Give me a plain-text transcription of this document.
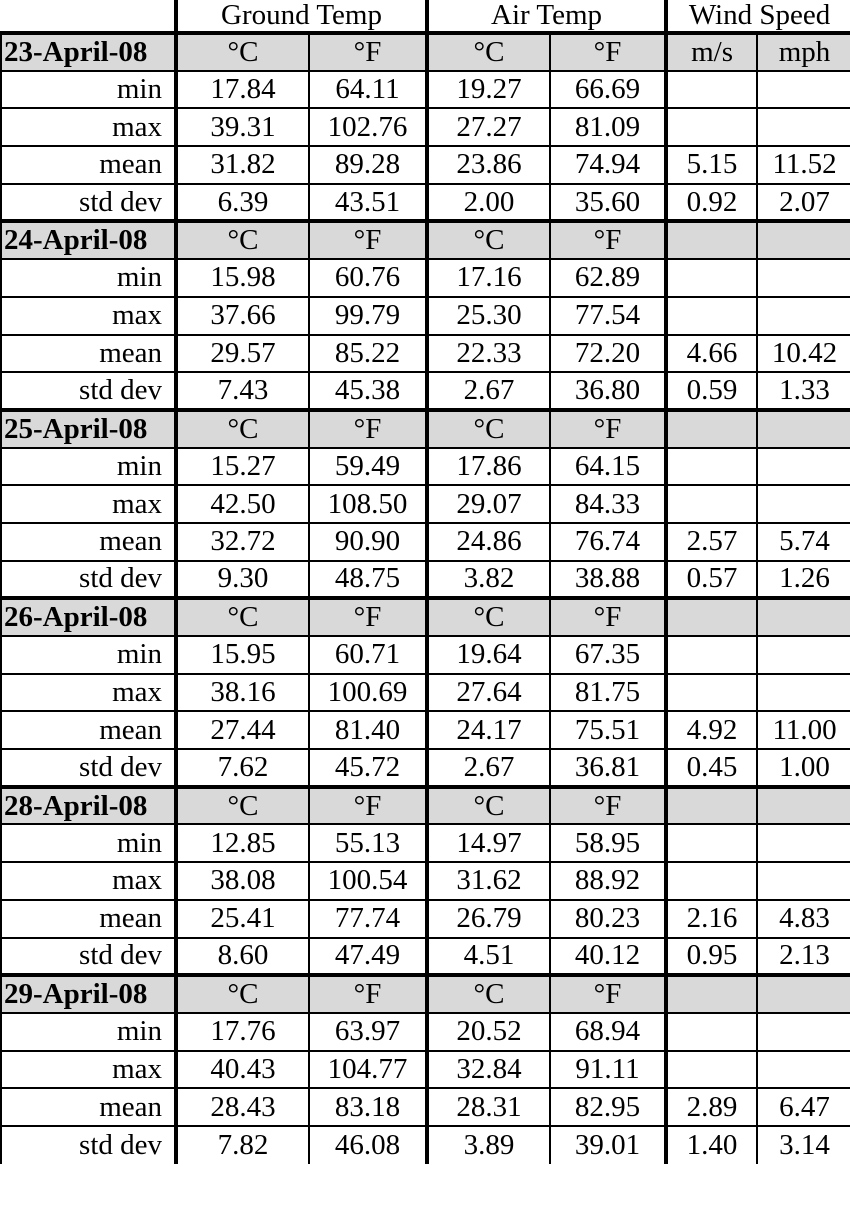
	Ground Temp		Air Temp		Wind Speed	
23-April-08	°C	°F	°C	°F	m/s	mph
min	17.84	64.11	19.27	66.69		
max	39.31	102.76	27.27	81.09		
mean	31.82	89.28	23.86	74.94	5.15	11.52
std dev	6.39	43.51	2.00	35.60	0.92	2.07
24-April-08	°C	°F	°C	°F		
min	15.98	60.76	17.16	62.89		
max	37.66	99.79	25.30	77.54		
mean	29.57	85.22	22.33	72.20	4.66	10.42
std dev	7.43	45.38	2.67	36.80	0.59	1.33
25-April-08	°C	°F	°C	°F		
min	15.27	59.49	17.86	64.15		
max	42.50	108.50	29.07	84.33		
mean	32.72	90.90	24.86	76.74	2.57	5.74
std dev	9.30	48.75	3.82	38.88	0.57	1.26
26-April-08	°C	°F	°C	°F		
min	15.95	60.71	19.64	67.35		
max	38.16	100.69	27.64	81.75		
mean	27.44	81.40	24.17	75.51	4.92	11.00
std dev	7.62	45.72	2.67	36.81	0.45	1.00
28-April-08	°C	°F	°C	°F		
min	12.85	55.13	14.97	58.95		
max	38.08	100.54	31.62	88.92		
mean	25.41	77.74	26.79	80.23	2.16	4.83
std dev	8.60	47.49	4.51	40.12	0.95	2.13
29-April-08	°C	°F	°C	°F		
min	17.76	63.97	20.52	68.94		
max	40.43	104.77	32.84	91.11		
mean	28.43	83.18	28.31	82.95	2.89	6.47
std dev	7.82	46.08	3.89	39.01	1.40	3.14
